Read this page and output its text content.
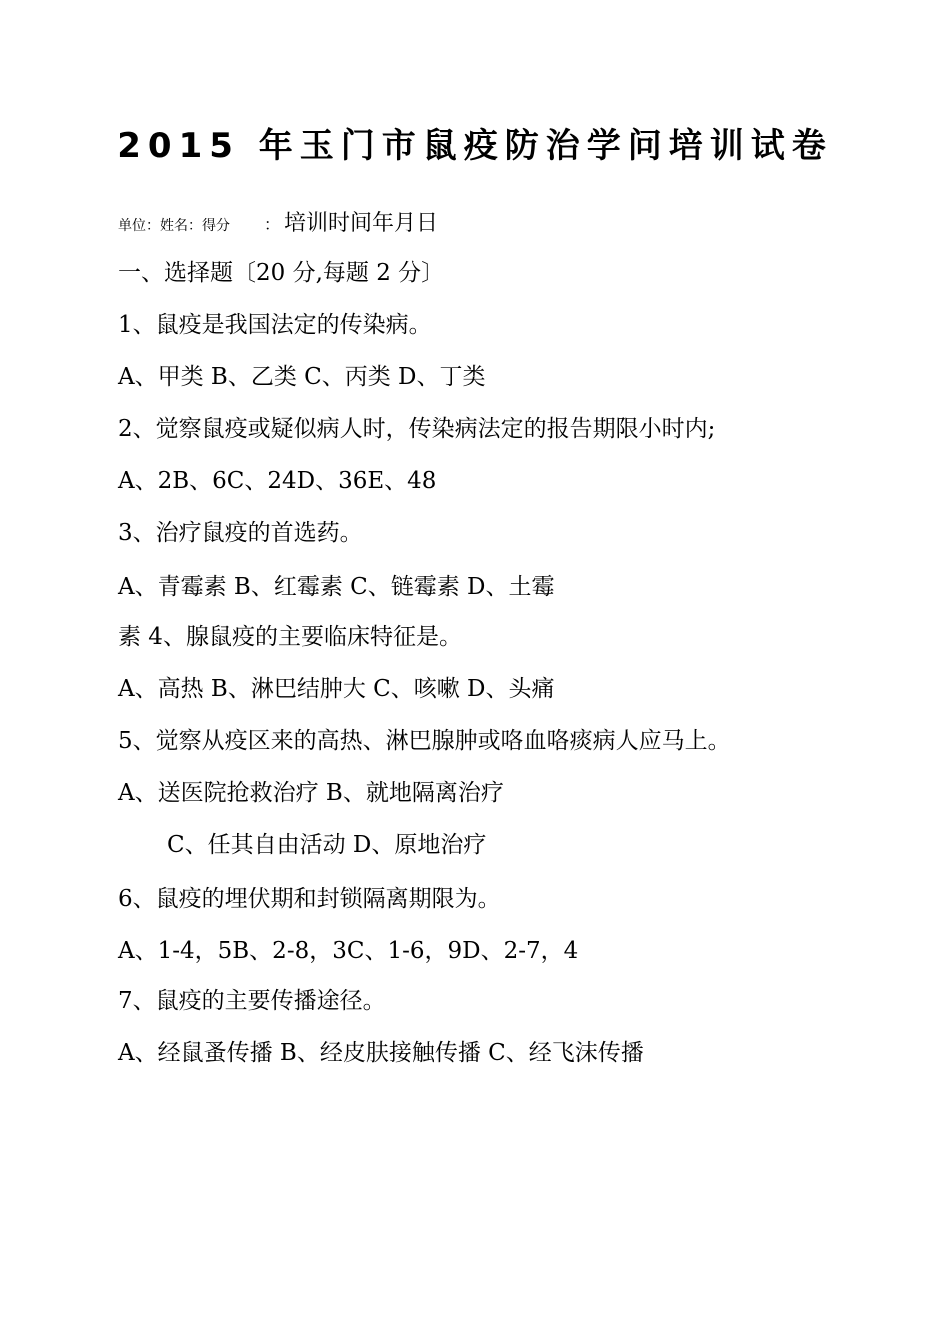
2015 年玉门市鼠疫防治学问培训试卷
单位：姓名：得分 ： 培训时间年月日
一、选择题〔20 分,每题 2 分〕
1、鼠疫是我国法定的传染病。
A、甲类 B、乙类 C、丙类 D、丁类
2、觉察鼠疫或疑似病人时，传染病法定的报告期限小时内;
A、2B、6C、24D、36E、48
3、治疗鼠疫的首选药。
A、青霉素 B、红霉素 C、链霉素 D、土霉
素 4、腺鼠疫的主要临床特征是。
A、高热 B、淋巴结肿大 C、咳嗽 D、头痛
5、觉察从疫区来的高热、淋巴腺肿或咯血咯痰病人应马上。
A、送医院抢救治疗 B、就地隔离治疗
C、任其自由活动 D、原地治疗
6、鼠疫的埋伏期和封锁隔离期限为。
A、1-4，5B、2-8，3C、1-6，9D、2-7，4
7、鼠疫的主要传播途径。
A、经鼠蚤传播 B、经皮肤接触传播 C、经飞沫传播
